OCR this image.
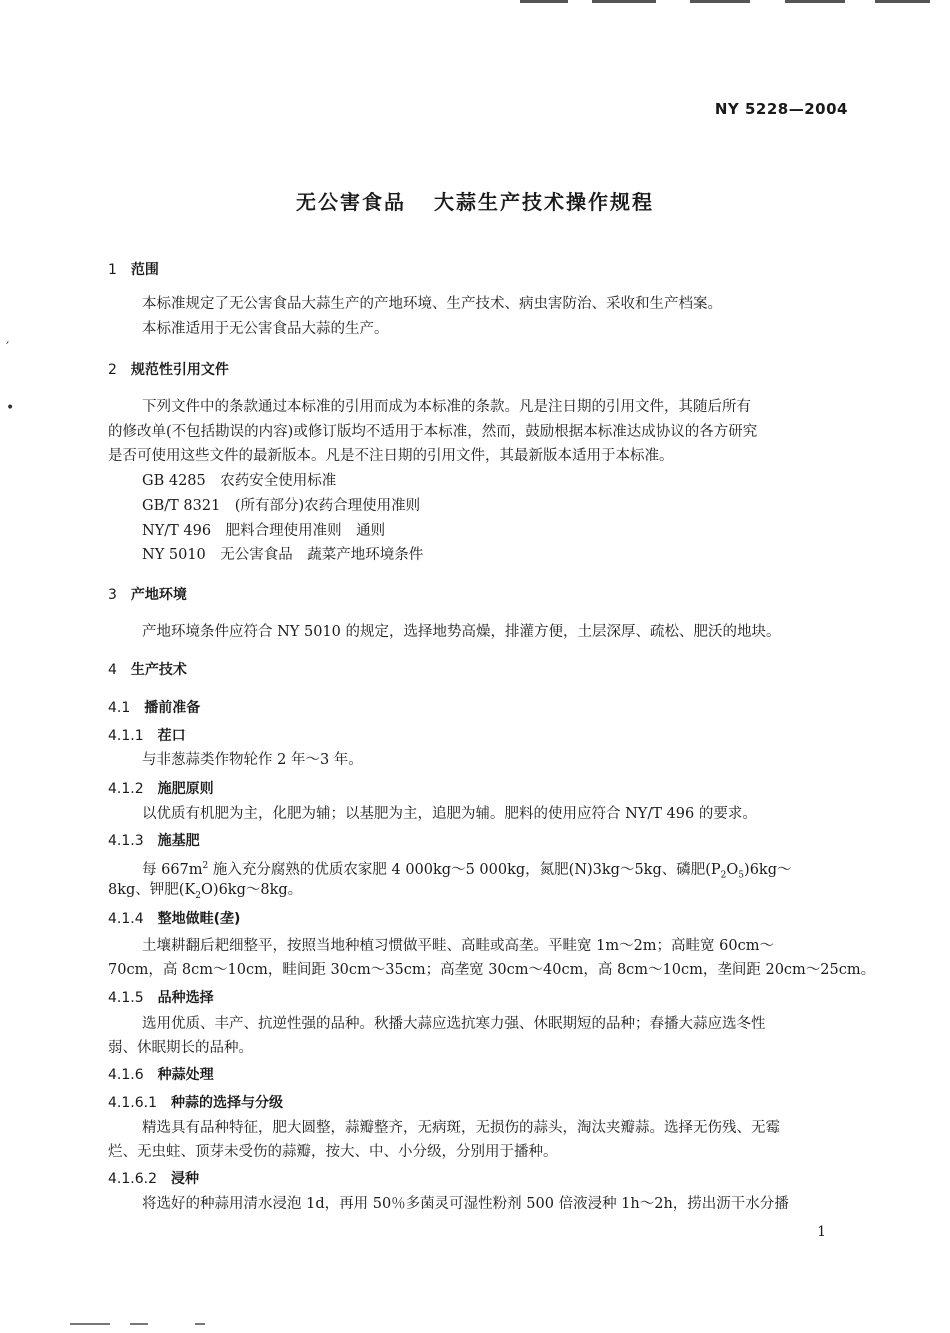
′
•
NY 5228—2004
无公害食品 大蒜生产技术操作规程
1 范围
本标准规定了无公害食品大蒜生产的产地环境、生产技术、病虫害防治、采收和生产档案。
本标准适用于无公害食品大蒜的生产。
2 规范性引用文件
下列文件中的条款通过本标准的引用而成为本标准的条款。凡是注日期的引用文件，其随后所有
的修改单(不包括勘误的内容)或修订版均不适用于本标准，然而，鼓励根据本标准达成协议的各方研究
是否可使用这些文件的最新版本。凡是不注日期的引用文件，其最新版本适用于本标准。
GB 4285　农药安全使用标准
GB/T 8321　(所有部分)农药合理使用准则
NY/T 496　肥料合理使用准则　通则
NY 5010　无公害食品　蔬菜产地环境条件
3 产地环境
产地环境条件应符合 NY 5010 的规定，选择地势高燥，排灌方便，土层深厚、疏松、肥沃的地块。
4 生产技术
4.1 播前准备
4.1.1 茬口
与非葱蒜类作物轮作 2 年～3 年。
4.1.2 施肥原则
以优质有机肥为主，化肥为辅；以基肥为主，追肥为辅。肥料的使用应符合 NY/T 496 的要求。
4.1.3 施基肥
每 $667m^2$ 施入充分腐熟的优质农家肥 4 000kg～5 000kg，氮肥(N)3kg～5kg、磷肥$(P_2O_5)6kg\sim$
8kg、钾肥$(K_2O)6kg\sim 8kg$。
4.1.4 整地做畦(垄)
土壤耕翻后耙细整平，按照当地种植习惯做平畦、高畦或高垄。平畦宽 1m～2m；高畦宽 60cm～
70cm，高 8cm～10cm，畦间距 30cm～35cm；高垄宽 30cm～40cm，高 8cm～10cm，垄间距 20cm～25cm。
4.1.5 品种选择
选用优质、丰产、抗逆性强的品种。秋播大蒜应选抗寒力强、休眠期短的品种；春播大蒜应选冬性
弱、休眠期长的品种。
4.1.6 种蒜处理
4.1.6.1 种蒜的选择与分级
精选具有品种特征，肥大圆整，蒜瓣整齐，无病斑，无损伤的蒜头，淘汰夹瓣蒜。选择无伤残、无霉
烂、无虫蛀、顶芽未受伤的蒜瓣，按大、中、小分级，分别用于播种。
4.1.6.2 浸种
将选好的种蒜用清水浸泡 1d，再用 50％多菌灵可湿性粉剂 500 倍液浸种 1h～2h，捞出沥干水分播
1
